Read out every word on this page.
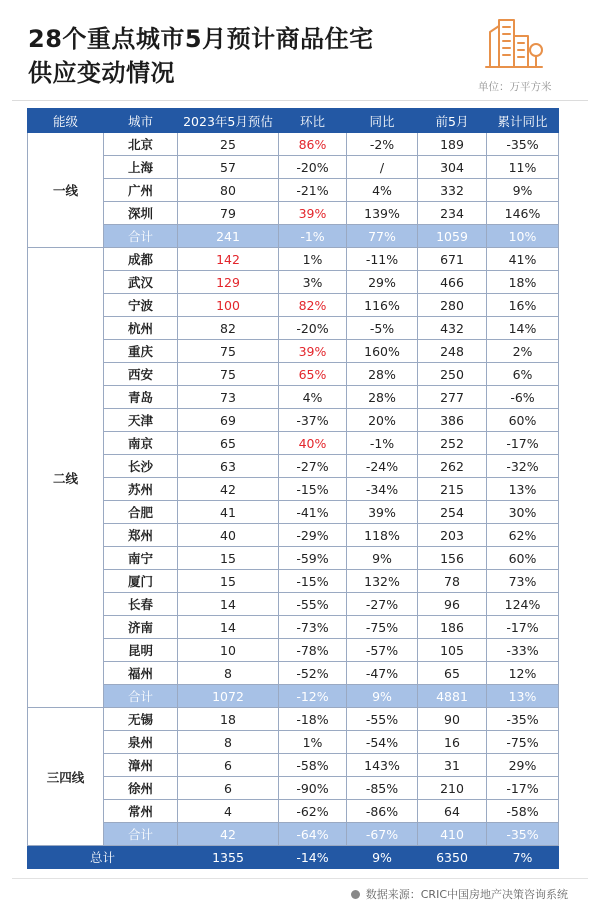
28个重点城市5月预计商品住宅
供应变动情况	单位：万平方米
能级	城市	2023年5月预估	环比	同比	前5月	累计同比
一线	北京	25	86%	-2%	189	-35%
	上海	57	-20%	/	304	11%
	广州	80	-21%	4%	332	9%
	深圳	79	39%	139%	234	146%
	合计	241	-1%	77%	1059	10%
二线	成都	142	1%	-11%	671	41%
	武汉	129	3%	29%	466	18%
	宁波	100	82%	116%	280	16%
	杭州	82	-20%	-5%	432	14%
	重庆	75	39%	160%	248	2%
	西安	75	65%	28%	250	6%
	青岛	73	4%	28%	277	-6%
	天津	69	-37%	20%	386	60%
	南京	65	40%	-1%	252	-17%
	长沙	63	-27%	-24%	262	-32%
	苏州	42	-15%	-34%	215	13%
	合肥	41	-41%	39%	254	30%
	郑州	40	-29%	118%	203	62%
	南宁	15	-59%	9%	156	60%
	厦门	15	-15%	132%	78	73%
	长春	14	-55%	-27%	96	124%
	济南	14	-73%	-75%	186	-17%
	昆明	10	-78%	-57%	105	-33%
	福州	8	-52%	-47%	65	12%
	合计	1072	-12%	9%	4881	13%
三四线	无锡	18	-18%	-55%	90	-35%
	泉州	8	1%	-54%	16	-75%
	漳州	6	-58%	143%	31	29%
	徐州	6	-90%	-85%	210	-17%
	常州	4	-62%	-86%	64	-58%
	合计	42	-64%	-67%	410	-35%
总计		1355	-14%	9%	6350	7%
数据来源：CRIC中国房地产决策咨询系统
